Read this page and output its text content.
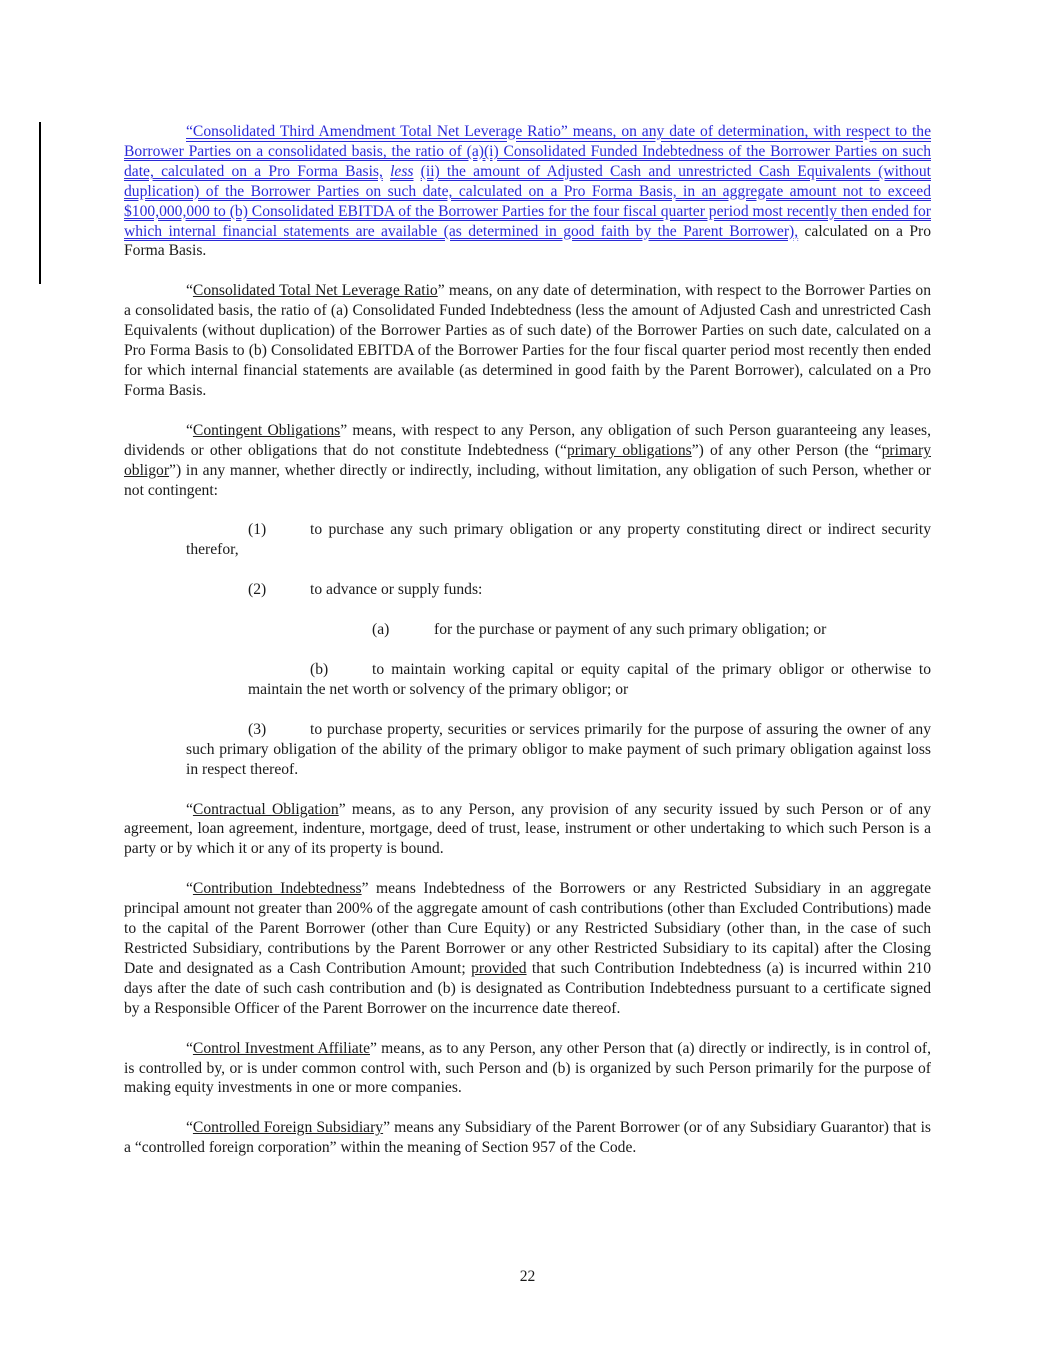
“Consolidated Third Amendment Total Net Leverage Ratio” means, on any date of determination, with respect to the Borrower Parties on a consolidated basis, the ratio of (a)(i) Consolidated Funded Indebtedness of the Borrower Parties on such date, calculated on a Pro Forma Basis, less (ii) the amount of Adjusted Cash and unrestricted Cash Equivalents (without duplication) of the Borrower Parties on such date, calculated on a Pro Forma Basis, in an aggregate amount not to exceed $100,000,000 to (b) Consolidated EBITDA of the Borrower Parties for the four fiscal quarter period most recently then ended for which internal financial statements are available (as determined in good faith by the Parent Borrower), calculated on a Pro Forma Basis.

“Consolidated Total Net Leverage Ratio” means, on any date of determination, with respect to the Borrower Parties on a consolidated basis, the ratio of (a) Consolidated Funded Indebtedness (less the amount of Adjusted Cash and unrestricted Cash Equivalents (without duplication) of the Borrower Parties as of such date) of the Borrower Parties on such date, calculated on a Pro Forma Basis to (b) Consolidated EBITDA of the Borrower Parties for the four fiscal quarter period most recently then ended for which internal financial statements are available (as determined in good faith by the Parent Borrower), calculated on a Pro Forma Basis.

“Contingent Obligations” means, with respect to any Person, any obligation of such Person guaranteeing any leases, dividends or other obligations that do not constitute Indebtedness (“primary obligations”) of any other Person (the “primary obligor”) in any manner, whether directly or indirectly, including, without limitation, any obligation of such Person, whether or not contingent:

(1)	to purchase any such primary obligation or any property constituting direct or indirect security therefor,

(2)	to advance or supply funds:

(a)	for the purchase or payment of any such primary obligation; or

(b)	to maintain working capital or equity capital of the primary obligor or otherwise to maintain the net worth or solvency of the primary obligor; or

(3)	to purchase property, securities or services primarily for the purpose of assuring the owner of any such primary obligation of the ability of the primary obligor to make payment of such primary obligation against loss in respect thereof.

“Contractual Obligation” means, as to any Person, any provision of any security issued by such Person or of any agreement, loan agreement, indenture, mortgage, deed of trust, lease, instrument or other undertaking to which such Person is a party or by which it or any of its property is bound.

“Contribution Indebtedness” means Indebtedness of the Borrowers or any Restricted Subsidiary in an aggregate principal amount not greater than 200% of the aggregate amount of cash contributions (other than Excluded Contributions) made to the capital of the Parent Borrower (other than Cure Equity) or any Restricted Subsidiary (other than, in the case of such Restricted Subsidiary, contributions by the Parent Borrower or any other Restricted Subsidiary to its capital) after the Closing Date and designated as a Cash Contribution Amount; provided that such Contribution Indebtedness (a) is incurred within 210 days after the date of such cash contribution and (b) is designated as Contribution Indebtedness pursuant to a certificate signed by a Responsible Officer of the Parent Borrower on the incurrence date thereof.

“Control Investment Affiliate” means, as to any Person, any other Person that (a) directly or indirectly, is in control of, is controlled by, or is under common control with, such Person and (b) is organized by such Person primarily for the purpose of making equity investments in one or more companies.

“Controlled Foreign Subsidiary” means any Subsidiary of the Parent Borrower (or of any Subsidiary Guarantor) that is a “controlled foreign corporation” within the meaning of Section 957 of the Code.

22
